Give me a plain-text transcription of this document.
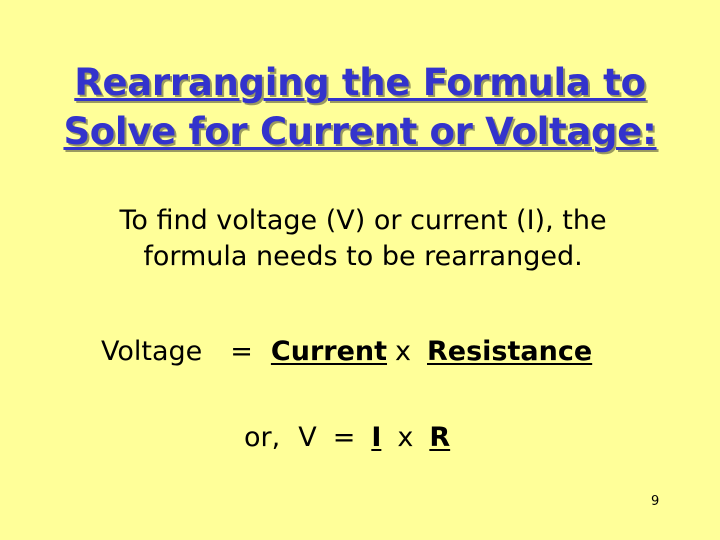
Rearranging the Formula to
Solve for Current or Voltage:
To find voltage (V) or current (I), the
formula needs to be rearranged.
Voltage = Current x Resistance
or, V = I x R
9
